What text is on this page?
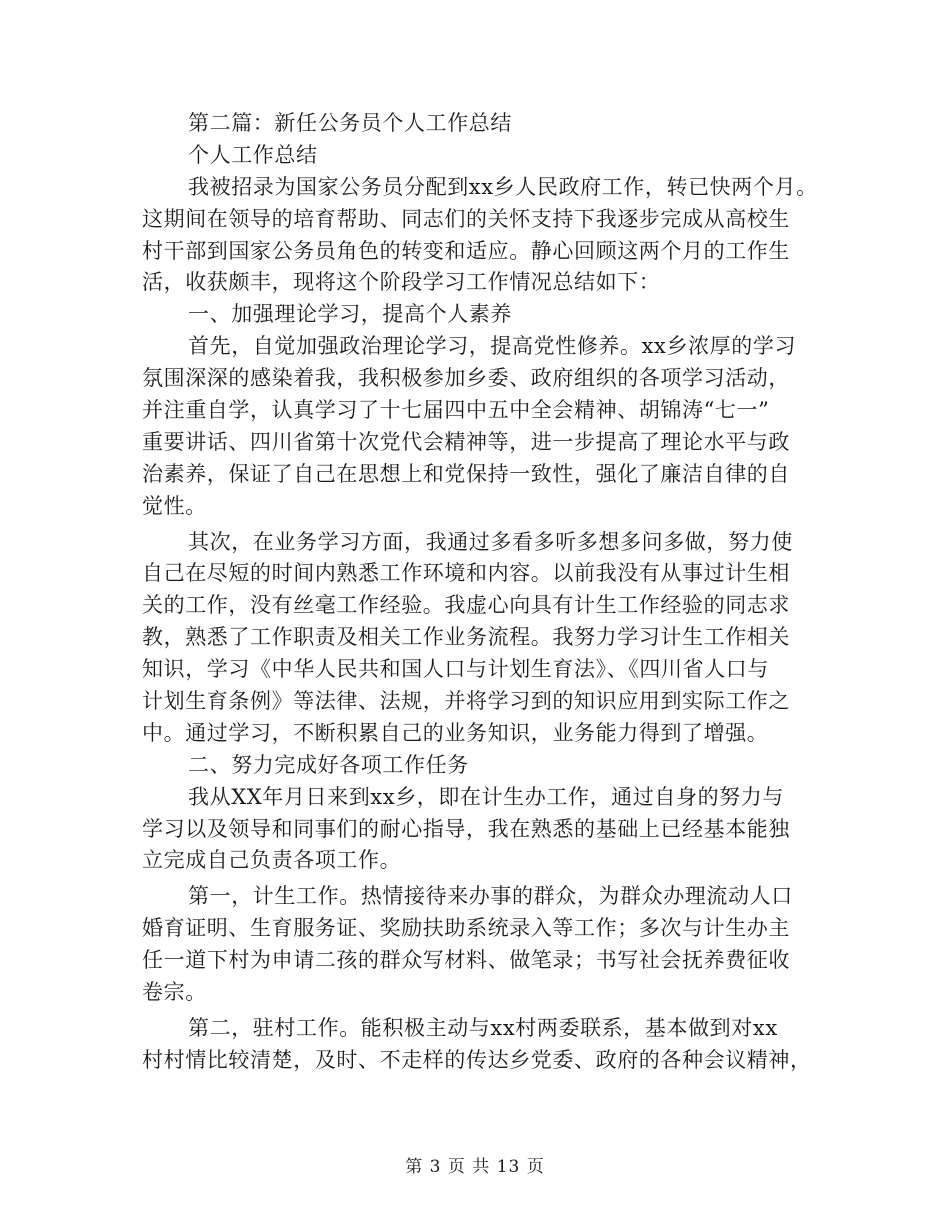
第二篇：新任公务员个人工作总结
个人工作总结
我被招录为国家公务员分配到xx乡人民政府工作，转已快两个月。
这期间在领导的培育帮助、同志们的关怀支持下我逐步完成从高校生
村干部到国家公务员角色的转变和适应。静心回顾这两个月的工作生
活，收获颇丰，现将这个阶段学习工作情况总结如下：
一、加强理论学习，提高个人素养
首先，自觉加强政治理论学习，提高党性修养。xx乡浓厚的学习
氛围深深的感染着我，我积极参加乡委、政府组织的各项学习活动，
并注重自学，认真学习了十七届四中五中全会精神、胡锦涛“七一”
重要讲话、四川省第十次党代会精神等，进一步提高了理论水平与政
治素养，保证了自己在思想上和党保持一致性，强化了廉洁自律的自
觉性。
其次，在业务学习方面，我通过多看多听多想多问多做，努力使
自己在尽短的时间内熟悉工作环境和内容。以前我没有从事过计生相
关的工作，没有丝毫工作经验。我虚心向具有计生工作经验的同志求
教，熟悉了工作职责及相关工作业务流程。我努力学习计生工作相关
知识，学习《中华人民共和国人口与计划生育法》、《四川省人口与
计划生育条例》等法律、法规，并将学习到的知识应用到实际工作之
中。通过学习，不断积累自己的业务知识，业务能力得到了增强。
二、努力完成好各项工作任务
我从XX年月日来到xx乡，即在计生办工作，通过自身的努力与
学习以及领导和同事们的耐心指导，我在熟悉的基础上已经基本能独
立完成自己负责各项工作。
第一，计生工作。热情接待来办事的群众，为群众办理流动人口
婚育证明、生育服务证、奖励扶助系统录入等工作；多次与计生办主
任一道下村为申请二孩的群众写材料、做笔录；书写社会抚养费征收
卷宗。
第二，驻村工作。能积极主动与xx村两委联系，基本做到对xx
村村情比较清楚，及时、不走样的传达乡党委、政府的各种会议精神，
第 3 页 共 13 页
